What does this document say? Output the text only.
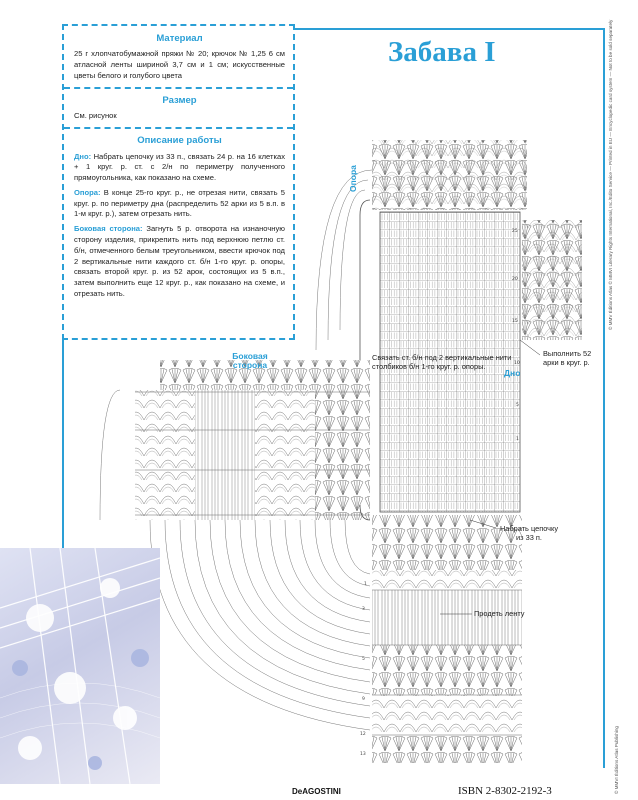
25
20
15
10
5
1
1
3
5
9
12
13
Забава I
Материал

25 г хлопчатобумажной пряжи № 20; крючок № 1,25 6 см атласной ленты шириной 3,7 см и 1 см; искусственные цветы белого и голубого цвета

Размер

См. рисунок

Описание работы

Дно: Набрать цепочку из 33 п., связать 24 р. на 16 клетках + 1 круг. р. ст. с 2/н по периметру полученного прямоугольника, как показано на схеме.

Опора: В конце 25-го круг. р., не отрезая нити, связать 5 круг. р. по периметру дна (распределить 52 арки из 5 в.п. в 1-м круг. р.), затем отрезать нить.

Боковая сторона: Загнуть 5 р. отворота на изнаночную сторону изделия, прикрепить нить под верхнюю петлю ст. б/н, отмеченного белым треугольником, ввести крючок под 2 вертикальные нити каждого ст. б/н 1-го круг. р. опоры, связать второй круг. р. из 52 арок, состоящих из 5 в.п., затем выполнить еще 12 круг. р., как показано на схеме, и отрезать нить.

Опора
Боковая сторона
Дно
Связать ст. б/н под 2 вертикальные нити столбиков б/н 1-го круг. р. опоры.
Выполнить 52 арки в круг. р.
Набрать цепочку из 33 п.
Продеть ленту
© MMV Éditions Atlas © MMVI Literary Rights International, Inc./Edito Service — Printed in EU — Encyclopedic card system — Not to be sold separately
© MMVI Éditions Atlas Publishing
DeAGOSTINI	ISBN 2-8302-2192-3
